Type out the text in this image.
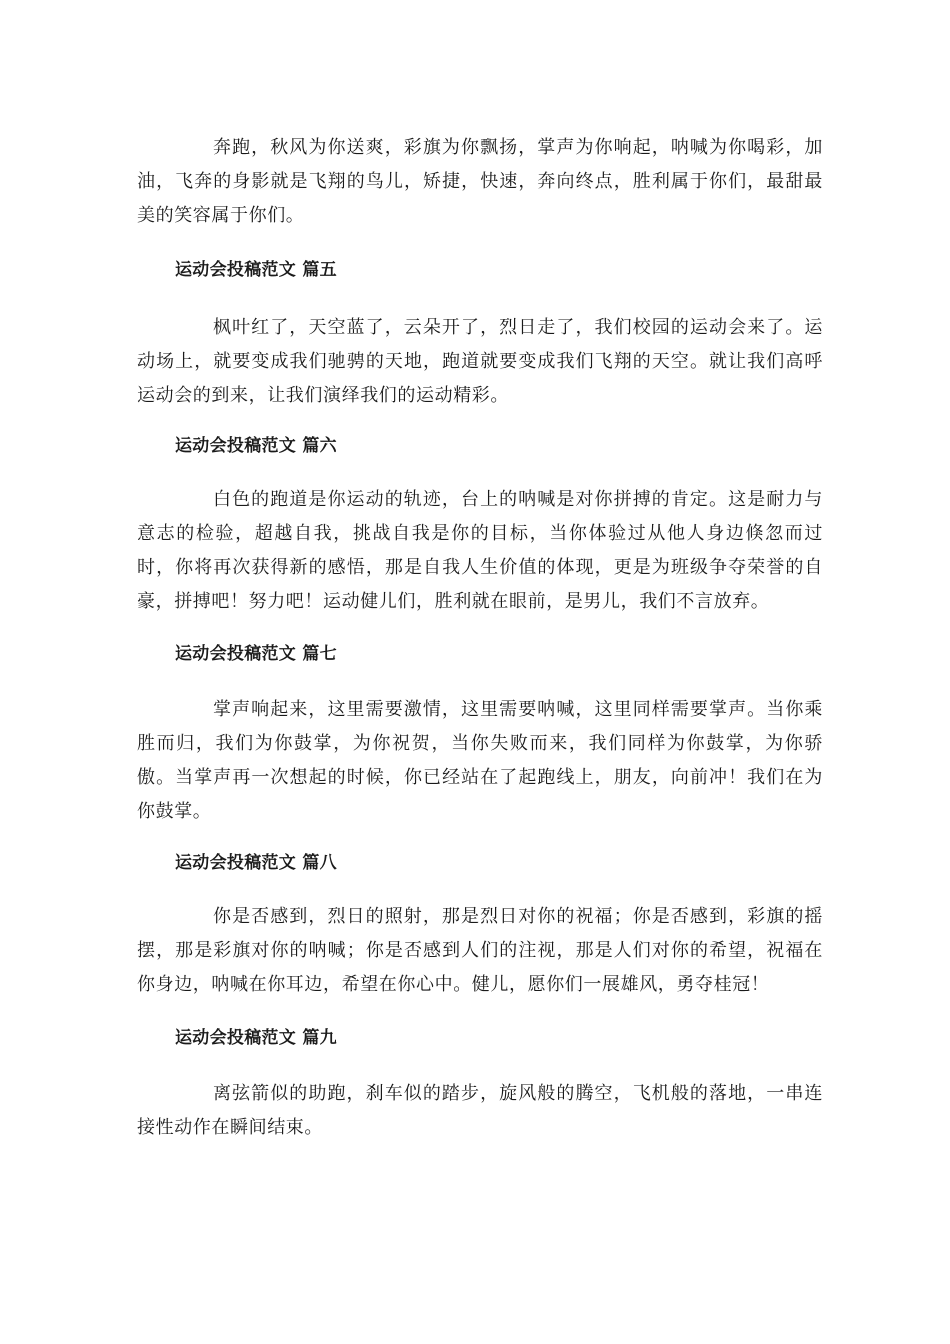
奔跑，秋风为你送爽，彩旗为你飘扬，掌声为你响起，呐喊为你喝彩，加油，飞奔的身影就是飞翔的鸟儿，矫捷，快速，奔向终点，胜利属于你们，最甜最美的笑容属于你们。

运动会投稿范文 篇五

枫叶红了，天空蓝了，云朵开了，烈日走了，我们校园的运动会来了。运动场上，就要变成我们驰骋的天地，跑道就要变成我们飞翔的天空。就让我们高呼运动会的到来，让我们演绎我们的运动精彩。

运动会投稿范文 篇六

白色的跑道是你运动的轨迹，台上的呐喊是对你拼搏的肯定。这是耐力与意志的检验，超越自我，挑战自我是你的目标，当你体验过从他人身边倏忽而过时，你将再次获得新的感悟，那是自我人生价值的体现，更是为班级争夺荣誉的自豪，拼搏吧！努力吧！运动健儿们，胜利就在眼前，是男儿，我们不言放弃。

运动会投稿范文 篇七

掌声响起来，这里需要激情，这里需要呐喊，这里同样需要掌声。当你乘胜而归，我们为你鼓掌，为你祝贺，当你失败而来，我们同样为你鼓掌，为你骄傲。当掌声再一次想起的时候，你已经站在了起跑线上，朋友，向前冲！我们在为你鼓掌。

运动会投稿范文 篇八

你是否感到，烈日的照射，那是烈日对你的祝福；你是否感到，彩旗的摇摆，那是彩旗对你的呐喊；你是否感到人们的注视，那是人们对你的希望，祝福在你身边，呐喊在你耳边，希望在你心中。健儿，愿你们一展雄风，勇夺桂冠！

运动会投稿范文 篇九

离弦箭似的助跑，刹车似的踏步，旋风般的腾空，飞机般的落地，一串连接性动作在瞬间结束。
